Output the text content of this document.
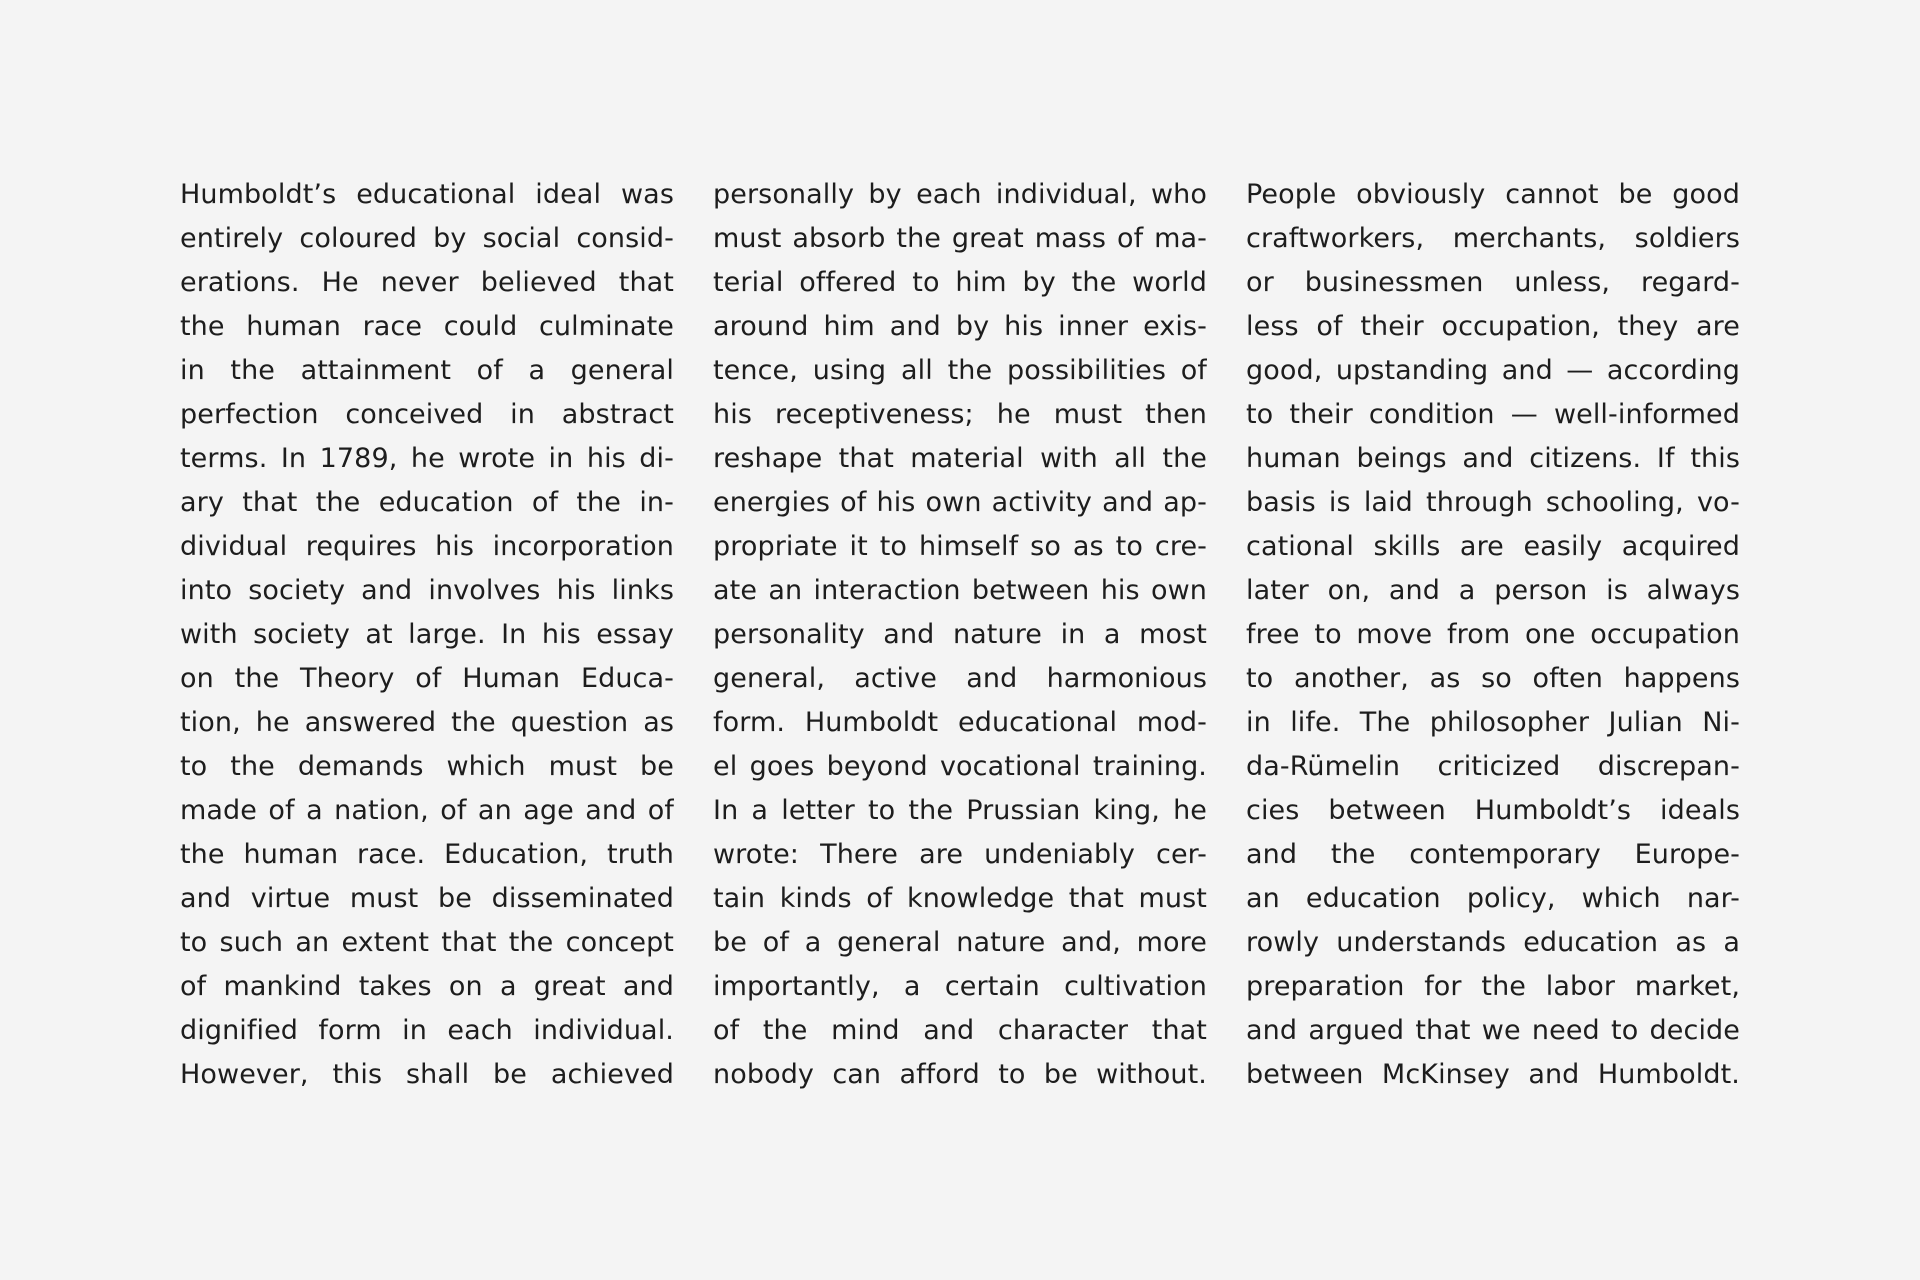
Humboldt’s educational ideal was
entirely coloured by social consid-
erations. He never believed that
the human race could culminate
in the attainment of a general
perfection conceived in abstract
terms. In 1789, he wrote in his di-
ary that the education of the in-
dividual requires his incorporation
into society and involves his links
with society at large. In his essay
on the Theory of Human Educa-
tion, he answered the question as
to the demands which must be
made of a nation, of an age and of
the human race. Education, truth
and virtue must be disseminated
to such an extent that the concept
of mankind takes on a great and
dignified form in each individual.
However, this shall be achieved
personally by each individual, who
must absorb the great mass of ma-
terial offered to him by the world
around him and by his inner exis-
tence, using all the possibilities of
his receptiveness; he must then
reshape that material with all the
energies of his own activity and ap-
propriate it to himself so as to cre-
ate an interaction between his own
personality and nature in a most
general, active and harmonious
form. Humboldt educational mod-
el goes beyond vocational training.
In a letter to the Prussian king, he
wrote: There are undeniably cer-
tain kinds of knowledge that must
be of a general nature and, more
importantly, a certain cultivation
of the mind and character that
nobody can afford to be without.
People obviously cannot be good
craftworkers, merchants, soldiers
or businessmen unless, regard-
less of their occupation, they are
good, upstanding and — according
to their condition — well-informed
human beings and citizens. If this
basis is laid through schooling, vo-
cational skills are easily acquired
later on, and a person is always
free to move from one occupation
to another, as so often happens
in life. The philosopher Julian Ni-
da-Rümelin criticized discrepan-
cies between Humboldt’s ideals
and the contemporary Europe-
an education policy, which nar-
rowly understands education as a
preparation for the labor market,
and argued that we need to decide
between McKinsey and Humboldt.
